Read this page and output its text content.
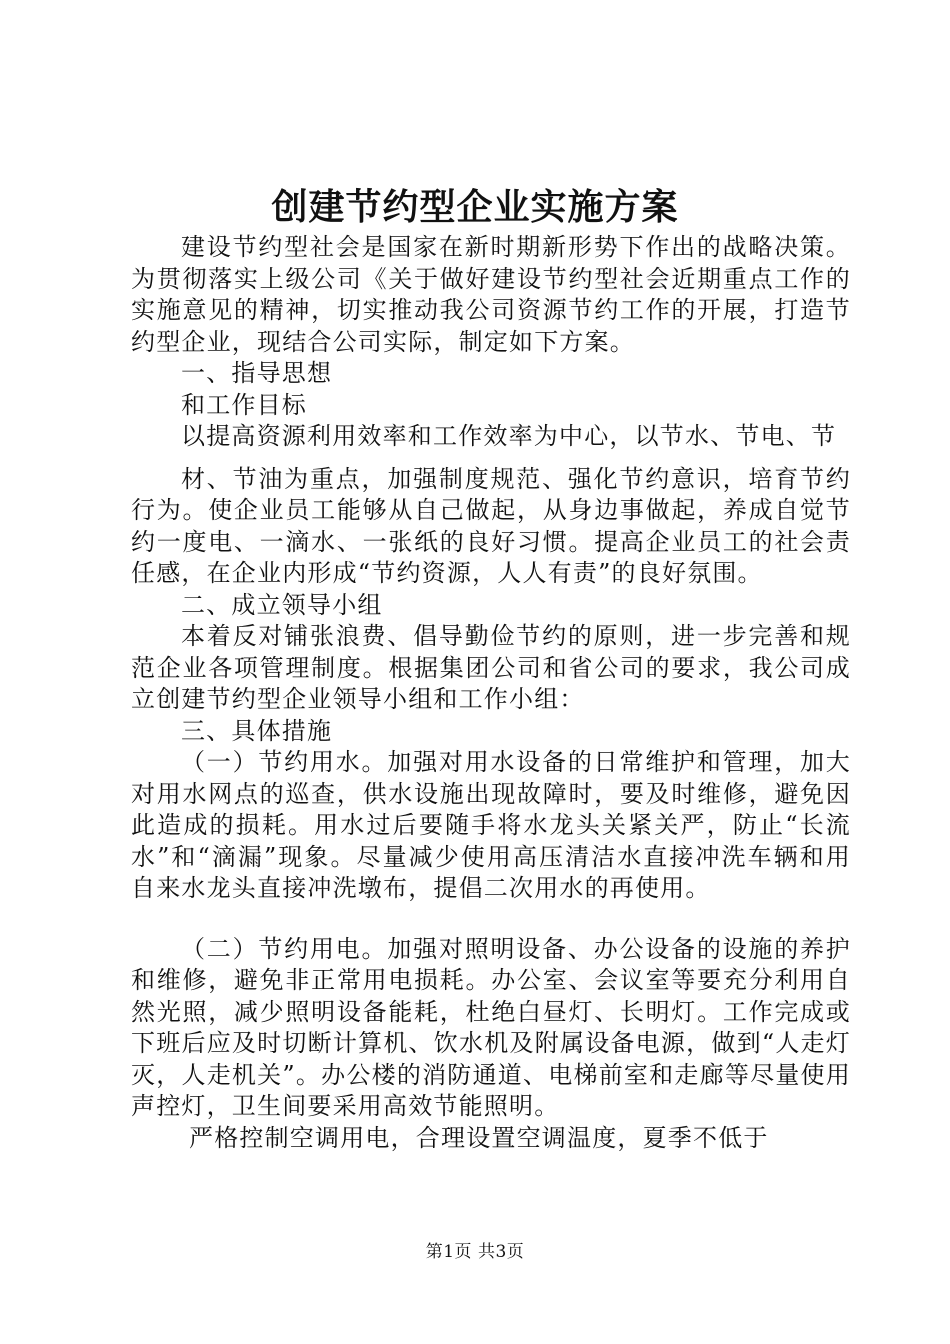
创建节约型企业实施方案

建设节约型社会是国家在新时期新形势下作出的战略决策。为贯彻落实上级公司《关于做好建设节约型社会近期重点工作的实施意见的精神，切实推动我公司资源节约工作的开展，打造节约型企业，现结合公司实际，制定如下方案。

一、指导思想

和工作目标

以提高资源利用效率和工作效率为中心，以节水、节电、节

材、节油为重点，加强制度规范、强化节约意识，培育节约行为。使企业员工能够从自己做起，从身边事做起，养成自觉节约一度电、一滴水、一张纸的良好习惯。提高企业员工的社会责任感，在企业内形成“节约资源，人人有责”的良好氛围。

二、成立领导小组

本着反对铺张浪费、倡导勤俭节约的原则，进一步完善和规范企业各项管理制度。根据集团公司和省公司的要求，我公司成立创建节约型企业领导小组和工作小组：

三、具体措施

（一）节约用水。加强对用水设备的日常维护和管理，加大对用水网点的巡查，供水设施出现故障时，要及时维修，避免因此造成的损耗。用水过后要随手将水龙头关紧关严，防止“长流水”和“滴漏”现象。尽量减少使用高压清洁水直接冲洗车辆和用自来水龙头直接冲洗墩布，提倡二次用水的再使用。

（二）节约用电。加强对照明设备、办公设备的设施的养护和维修，避免非正常用电损耗。办公室、会议室等要充分利用自然光照，减少照明设备能耗，杜绝白昼灯、长明灯。工作完成或下班后应及时切断计算机、饮水机及附属设备电源，做到“人走灯灭，人走机关”。办公楼的消防通道、电梯前室和走廊等尽量使用声控灯，卫生间要采用高效节能照明。

严格控制空调用电，合理设置空调温度，夏季不低于

第1页 共3页
